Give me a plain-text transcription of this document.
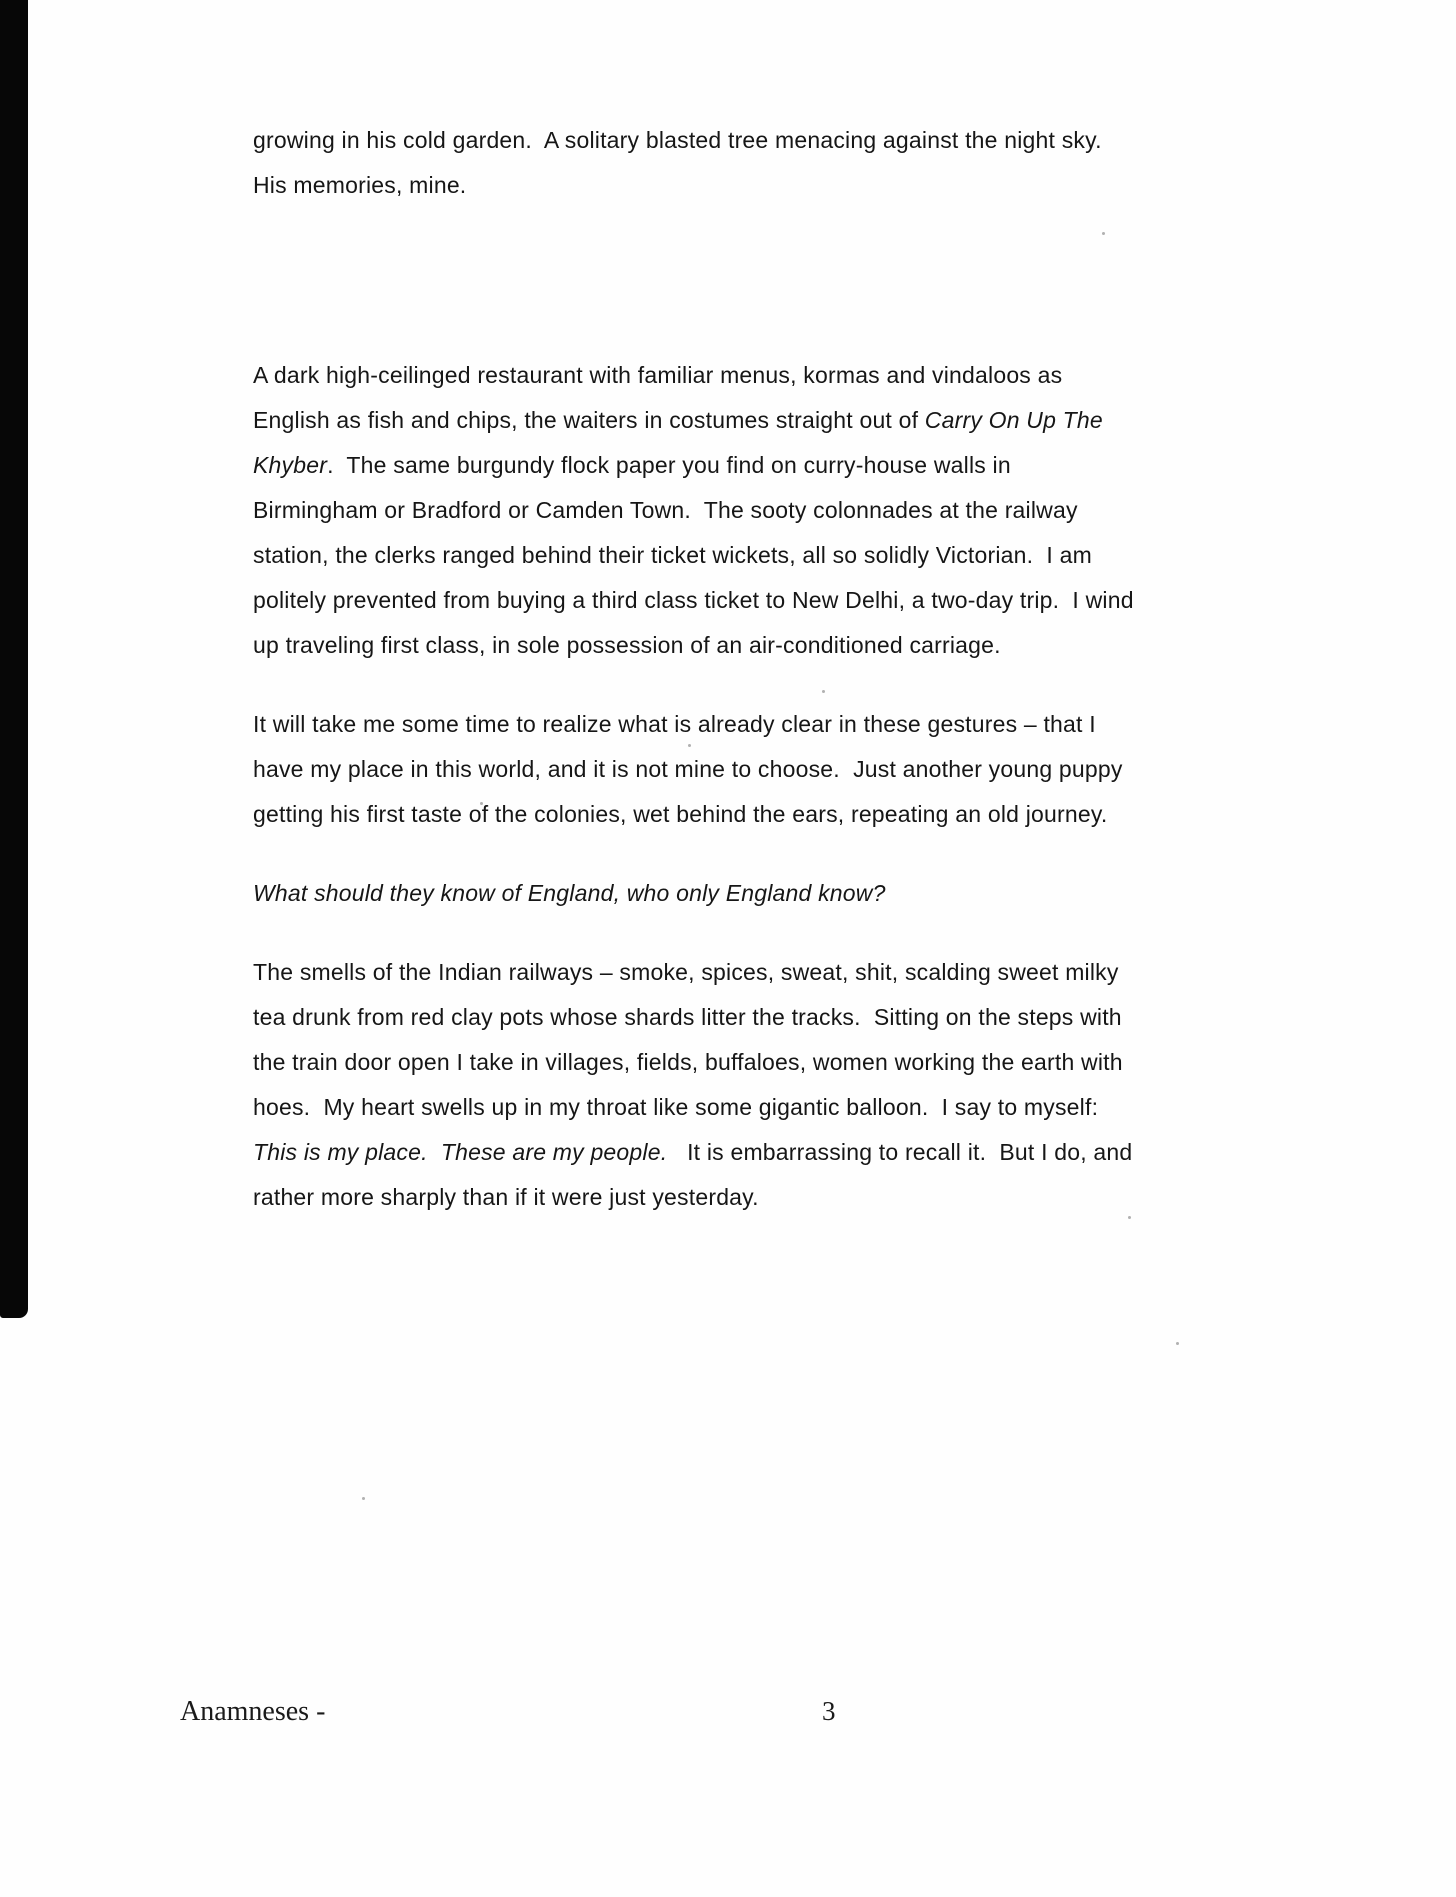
growing in his cold garden.  A solitary blasted tree menacing against the night sky.  His memories, mine.

A dark high-ceilinged restaurant with familiar menus, kormas and vindaloos as English as fish and chips, the waiters in costumes straight out of Carry On Up The Khyber.  The same burgundy flock paper you find on curry-house walls in Birmingham or Bradford or Camden Town.  The sooty colonnades at the railway station, the clerks ranged behind their ticket wickets, all so solidly Victorian.  I am politely prevented from buying a third class ticket to New Delhi, a two-day trip.  I wind up traveling first class, in sole possession of an air-conditioned carriage.

It will take me some time to realize what is already clear in these gestures – that I have my place in this world, and it is not mine to choose.  Just another young puppy getting his first taste of the colonies, wet behind the ears, repeating an old journey.

What should they know of England, who only England know?

The smells of the Indian railways – smoke, spices, sweat, shit, scalding sweet milky tea drunk from red clay pots whose shards litter the tracks.  Sitting on the steps with the train door open I take in villages, fields, buffaloes, women working the earth with hoes.  My heart swells up in my throat like some gigantic balloon.  I say to myself:  This is my place.  These are my people.   It is embarrassing to recall it.  But I do, and rather more sharply than if it were just yesterday.

Anamneses -	3
